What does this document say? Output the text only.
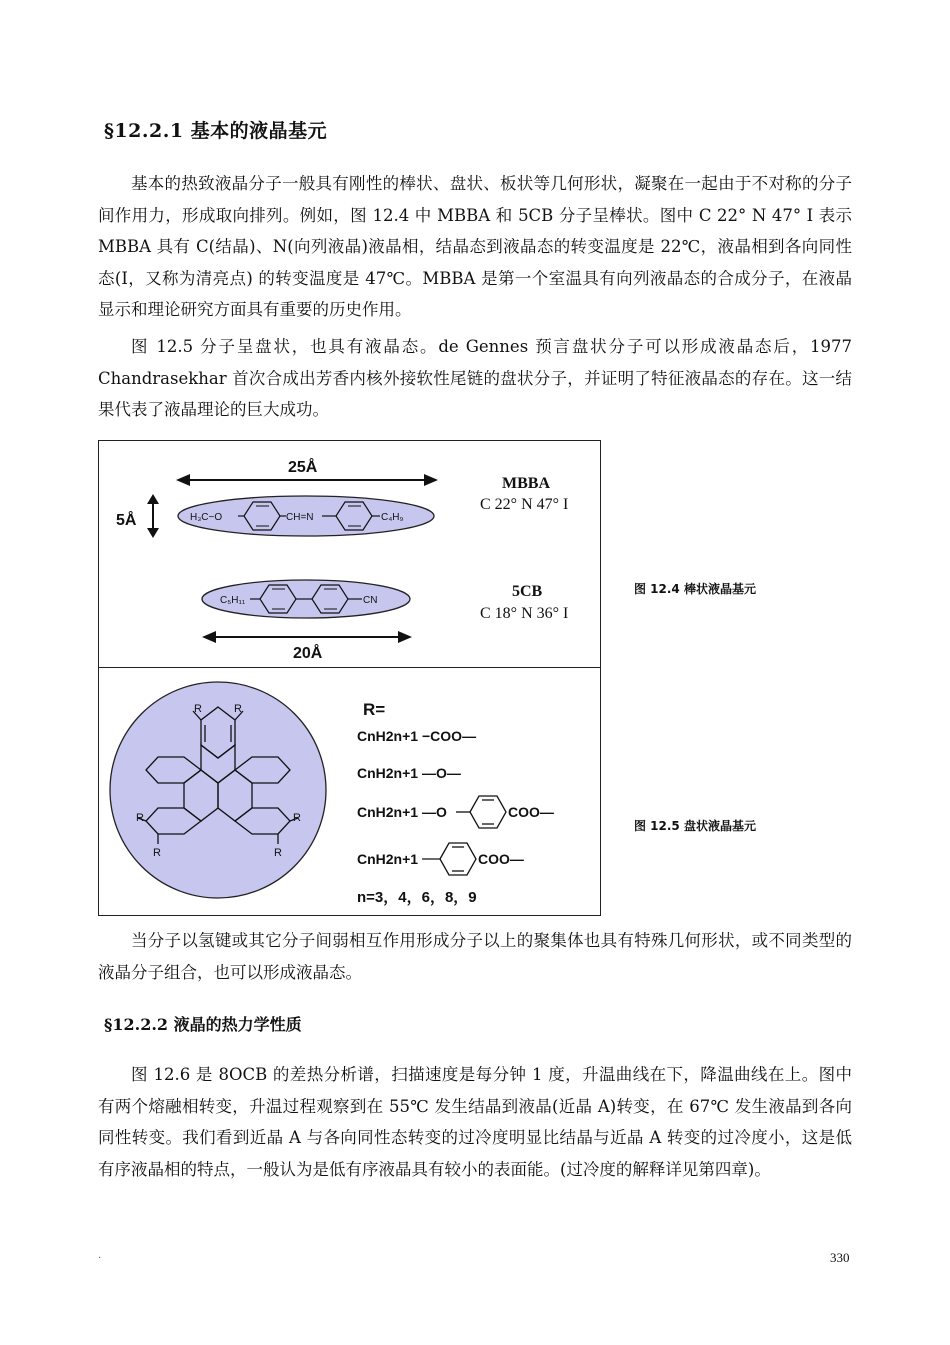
§12.2.1 基本的液晶基元

基本的热致液晶分子一般具有刚性的棒状、盘状、板状等几何形状，凝聚在一起由于不对称的分子间作用力，形成取向排列。例如，图 12.4 中 MBBA 和 5CB 分子呈棒状。图中 C 22° N 47° I 表示 MBBA 具有 C(结晶)、N(向列液晶)液晶相，结晶态到液晶态的转变温度是 22℃，液晶相到各向同性态(I，又称为清亮点) 的转变温度是 47℃。MBBA 是第一个室温具有向列液晶态的合成分子，在液晶显示和理论研究方面具有重要的历史作用。

图 12.5 分子呈盘状，也具有液晶态。de Gennes 预言盘状分子可以形成液晶态后，1977 Chandrasekhar 首次合成出芳香内核外接软性尾链的盘状分子，并证明了特征液晶态的存在。这一结果代表了液晶理论的巨大成功。

25Å
5Å	H₃C−O	CH=N	C₄H₉
MBBA
C 22° N 47° I
C₅H₁₁	CN
5CB
C 18° N 36° I
20Å
R	R
R
R
R
R
R=
CnH2n+1 −COO—
CnH2n+1 —O—
CnH2n+1 —O	COO—
CnH2n+1	COO—
n=3，4，6，8，9
图 12.4 棒状液晶基元
图 12.5 盘状液晶基元

当分子以氢键或其它分子间弱相互作用形成分子以上的聚集体也具有特殊几何形状，或不同类型的液晶分子组合，也可以形成液晶态。

§12.2.2 液晶的热力学性质

图 12.6 是 8OCB 的差热分析谱，扫描速度是每分钟 1 度，升温曲线在下，降温曲线在上。图中有两个熔融相转变，升温过程观察到在 55℃ 发生结晶到液晶(近晶 A)转变，在 67℃ 发生液晶到各向同性转变。我们看到近晶 A 与各向同性态转变的过冷度明显比结晶与近晶 A 转变的过冷度小，这是低有序液晶相的特点，一般认为是低有序液晶具有较小的表面能。(过冷度的解释详见第四章)。

.	330
